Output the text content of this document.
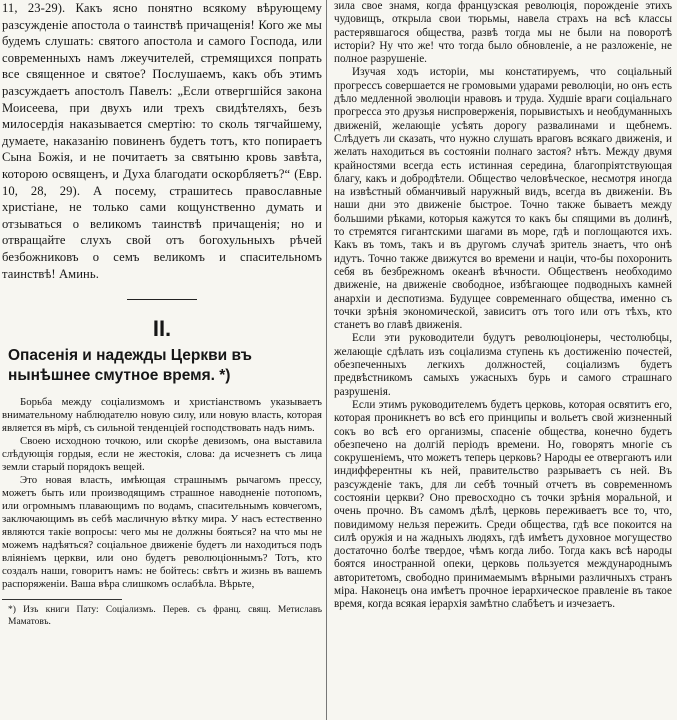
11, 23-29). Какъ ясно понятно всякому вѣрующему разсужденіе апостола о таинствѣ причащенія! Кого же мы будемъ слушать: святого апостола и самого Господа, или современныхъ намъ лжеучителей, стремящихся попрать все священное и святое? Послушаемъ, какъ объ этимъ разсуждаетъ апостолъ Павелъ: „Если отвергшійся закона Моисеева, при двухъ или трехъ свидѣтеляхъ, безъ милосердія наказывается смертію: то сколь тягчайшему, думаете, наказанію повиненъ будетъ тотъ, кто попираетъ Сына Божія, и не почитаетъ за святыню кровь завѣта, которою освященъ, и Духа благодати оскорбляетъ?“ (Евр. 10, 28, 29). А посему, страшитесь православные христіане, не только сами кощунственно думать и отзываться о великомъ таинствѣ причащенія; но и отвращайте слухъ свой отъ богохульныхъ рѣчей безбожниковъ о семъ великомъ и спасительномъ таинствѣ! Аминь.

II.
Опасенія и надежды Церкви въ нынѣшнее смутное время. *)

Борьба между соціализмомъ и христіанствомъ указываетъ внимательному наблюдателю новую силу, или новую власть, которая является въ мірѣ, съ сильной тенденціей господствовать надъ нимъ.

Своею исходною точкою, или скорѣе девизомъ, она выставила слѣдующія гордыя, если не жестокія, слова: да исчезнетъ съ лица земли старый порядокъ вещей.

Это новая власть, имѣющая страшнымъ рычагомъ прессу, можетъ быть или производящимъ страшное наводненіе потопомъ, или огромнымъ плавающимъ по водамъ, спасительнымъ ковчегомъ, заключающимъ въ себѣ масличную вѣтку мира. У насъ естественно являются такіе вопросы: чего мы не должны бояться? на что мы не можемъ надѣяться? соціальное движеніе будетъ ли находиться подъ вліяніемъ церкви, или оно будетъ революціоннымъ? Тотъ, кто создалъ наши, говоритъ намъ: не бойтесь: свѣтъ и жизнь въ вашемъ распоряженіи. Ваша вѣра слишкомъ ослабѣла. Вѣрьте,

*) Изъ книги Пату: Соціализмъ. Перев. съ франц. свящ. Метиславъ Маматовъ.

зила свое знамя, когда французская революція, порожденіе этихъ чудовищъ, открыла свои тюрьмы, навела страхъ на всѣ классы растерявшагося общества, развѣ тогда мы не были на поворотѣ исторіи? Ну что же! что тогда было обновленіе, а не разложеніе, не полное разрушеніе.

Изучая ходъ исторіи, мы констатируемъ, что соціальный прогрессъ совершается не громовыми ударами революціи, но онъ есть дѣло медленной эволюціи нравовъ и труда. Худшіе враги соціальнаго прогресса это друзья ниспроверженія, порывистыхъ и необдуманныхъ движеній, желающіе усѣять дорогу развалинами и щебнемъ. Слѣдуетъ ли сказать, что нужно слушать враговъ всякаго движенія, и желать находиться въ состояніи полнаго застоя? нѣтъ. Между двумя крайностями всегда есть истинная середина, благопріятствующая благу, какъ и добродѣтели. Общество человѣческое, несмотря иногда на извѣстный обманчивый наружный видъ, всегда въ движеніи. Въ наши дни это движеніе быстрое. Точно также бываетъ между большими рѣками, которыя кажутся то какъ бы спящими въ долинѣ, то стремятся гигантскими шагами въ море, гдѣ и поглощаются ихъ. Какъ въ томъ, такъ и въ другомъ случаѣ зритель знаетъ, что онѣ идутъ. Точно также движутся во времени и націи, что-бы похоронить себя въ безбрежномъ океанѣ вѣчности. Общественъ необходимо движеніе, на движеніе свободное, избѣгающее подводныхъ камней анархіи и деспотизма. Будущее современнаго общества, именно съ точки зрѣнія экономической, зависитъ отъ того или отъ тѣхъ, кто станетъ во главѣ движенія.

Если эти руководители будутъ революціонеры, честолюбцы, желающіе сдѣлать изъ соціализма ступень къ достиженію почестей, обезпеченныхъ легкихъ должностей, соціализмъ будетъ предвѣстникомъ самыхъ ужасныхъ бурь и самого страшнаго разрушенія.

Если этимъ руководителемъ будетъ церковь, которая освятитъ его, которая проникнетъ во всѣ его принципы и вольетъ свой жизненный сокъ во всѣ его организмы, спасеніе общества, конечно будетъ обезпечено на долгій періодъ времени. Но, говорятъ многіе съ сокрушеніемъ, что можетъ теперь церковь? Народы ее отвергаютъ или индифферентны къ ней, правительство разрываетъ съ ней. Въ разсужденіе такъ, для ли себѣ точный отчетъ въ современномъ состояніи церкви? Оно превосходно съ точки зрѣнія моральной, и очень прочно. Въ самомъ дѣлѣ, церковь переживаетъ все то, что, повидимому нельзя пережить. Среди общества, гдѣ все покоится на силѣ оружія и на жадныхъ людяхъ, гдѣ имѣетъ духовное могущество достаточно болѣе твердое, чѣмъ когда либо. Тогда какъ всѣ народы боятся иностранной опеки, церковь пользуется международнымъ авторитетомъ, свободно принимаемымъ вѣрными различныхъ странъ міра. Наконецъ она имѣетъ прочное іерархическое правленіе въ такое время, когда всякая іерархія замѣтно слабѣетъ и изчезаетъ.
